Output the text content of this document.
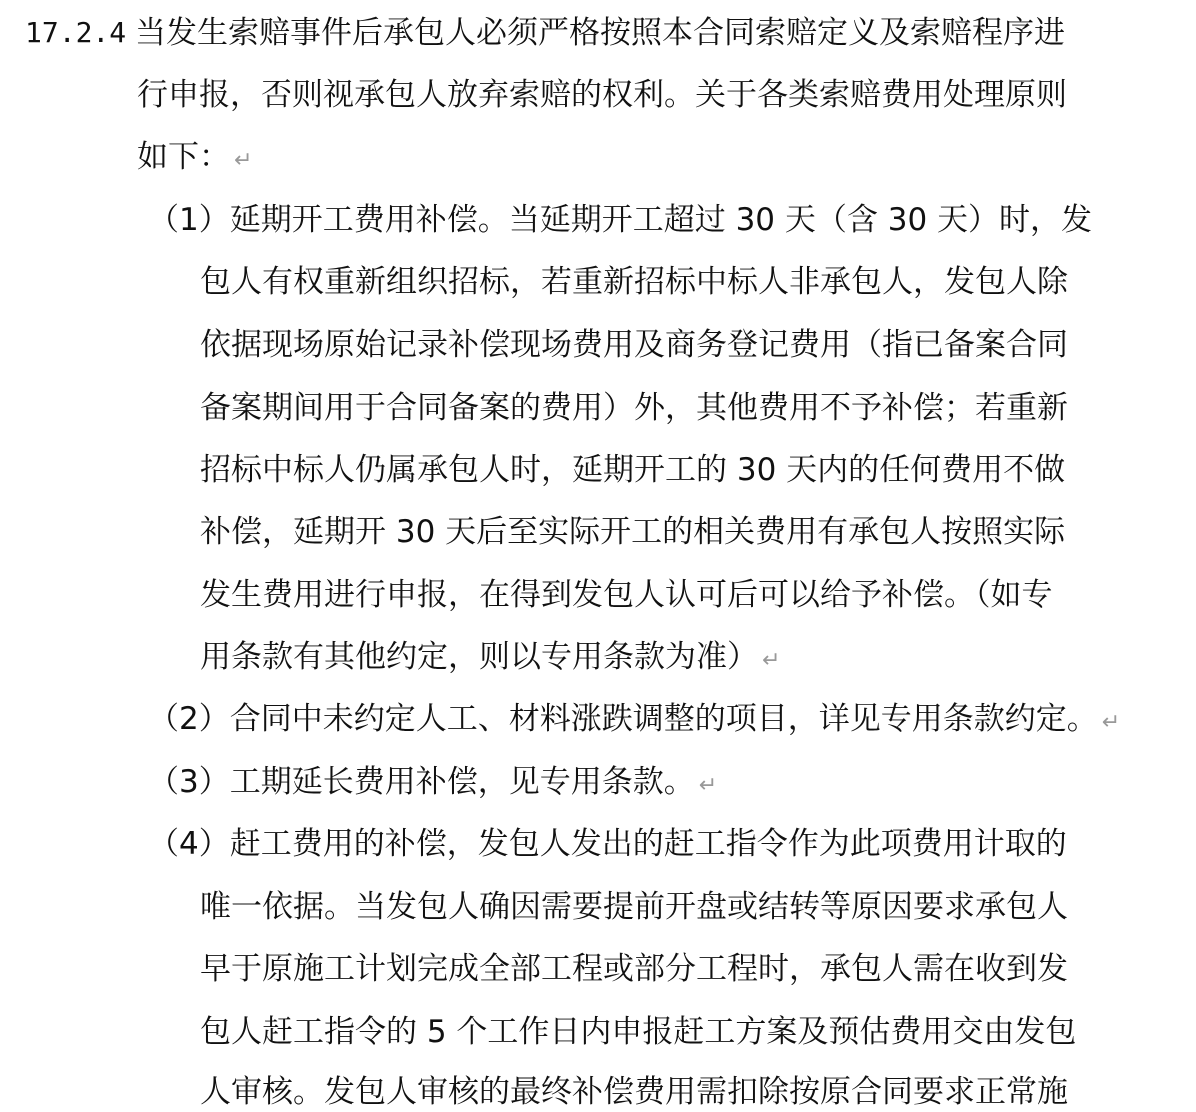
17.2.4 当发生索赔事件后承包人必须严格按照本合同索赔定义及索赔程序进
行申报，否则视承包人放弃索赔的权利。关于各类索赔费用处理原则
如下： ↵
（1）延期开工费用补偿。当延期开工超过 30 天（含 30 天）时，发
包人有权重新组织招标，若重新招标中标人非承包人，发包人除
依据现场原始记录补偿现场费用及商务登记费用（指已备案合同
备案期间用于合同备案的费用）外，其他费用不予补偿；若重新
招标中标人仍属承包人时，延期开工的 30 天内的任何费用不做
补偿，延期开 30 天后至实际开工的相关费用有承包人按照实际
发生费用进行申报，在得到发包人认可后可以给予补偿。（如专
用条款有其他约定，则以专用条款为准） ↵
（2）合同中未约定人工、材料涨跌调整的项目，详见专用条款约定。 ↵
（3）工期延长费用补偿，见专用条款。 ↵
（4）赶工费用的补偿，发包人发出的赶工指令作为此项费用计取的
唯一依据。当发包人确因需要提前开盘或结转等原因要求承包人
早于原施工计划完成全部工程或部分工程时，承包人需在收到发
包人赶工指令的 5 个工作日内申报赶工方案及预估费用交由发包
人审核。发包人审核的最终补偿费用需扣除按原合同要求正常施
